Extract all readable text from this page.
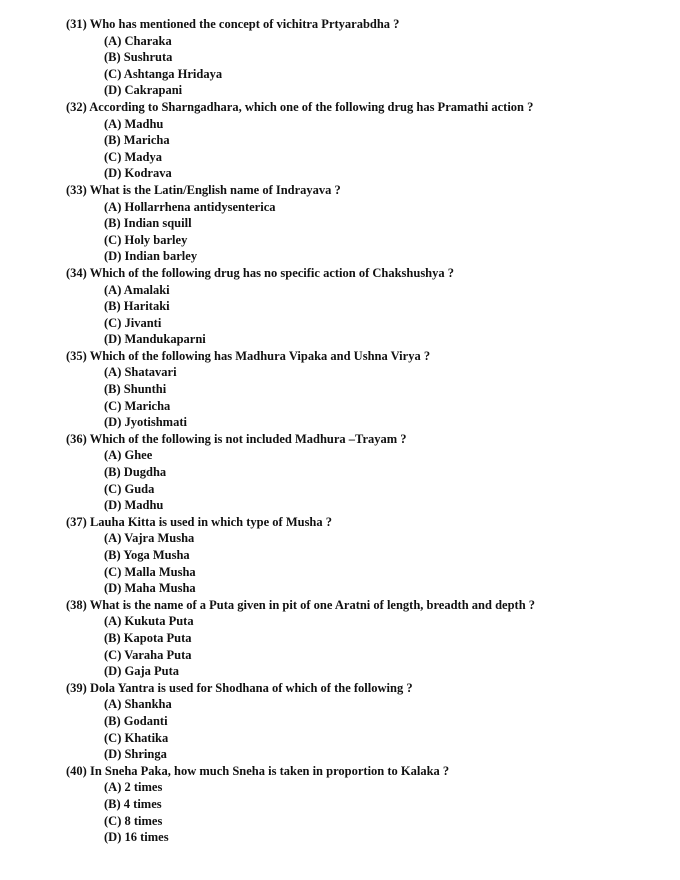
(31) Who has mentioned the concept of vichitra Prtyarabdha ?

(A) Charaka
(B) Sushruta
(C) Ashtanga Hridaya
(D) Cakrapani

(32) According to Sharngadhara, which one of the following drug has Pramathi action ?

(A) Madhu
(B) Maricha
(C) Madya
(D) Kodrava

(33) What is the Latin/English name of Indrayava ?

(A) Hollarrhena antidysenterica
(B) Indian squill
(C) Holy barley
(D) Indian barley

(34) Which of the following drug has no specific action of Chakshushya ?

(A) Amalaki
(B) Haritaki
(C) Jivanti
(D) Mandukaparni

(35) Which of the following has Madhura Vipaka and Ushna Virya ?

(A) Shatavari
(B) Shunthi
(C) Maricha
(D) Jyotishmati

(36) Which of the following is not included Madhura –Trayam ?

(A) Ghee
(B) Dugdha
(C) Guda
(D) Madhu

(37) Lauha Kitta is used in which type of Musha ?

(A) Vajra Musha
(B) Yoga Musha
(C) Malla Musha
(D) Maha Musha

(38) What is the name of a Puta given in pit of one Aratni of length, breadth and depth ?

(A) Kukuta Puta
(B) Kapota Puta
(C) Varaha Puta
(D) Gaja Puta

(39) Dola Yantra is used for Shodhana of which of the following ?

(A) Shankha
(B) Godanti
(C) Khatika
(D) Shringa

(40) In Sneha Paka, how much Sneha is taken in proportion to Kalaka ?

(A) 2 times
(B) 4 times
(C) 8 times
(D) 16 times
